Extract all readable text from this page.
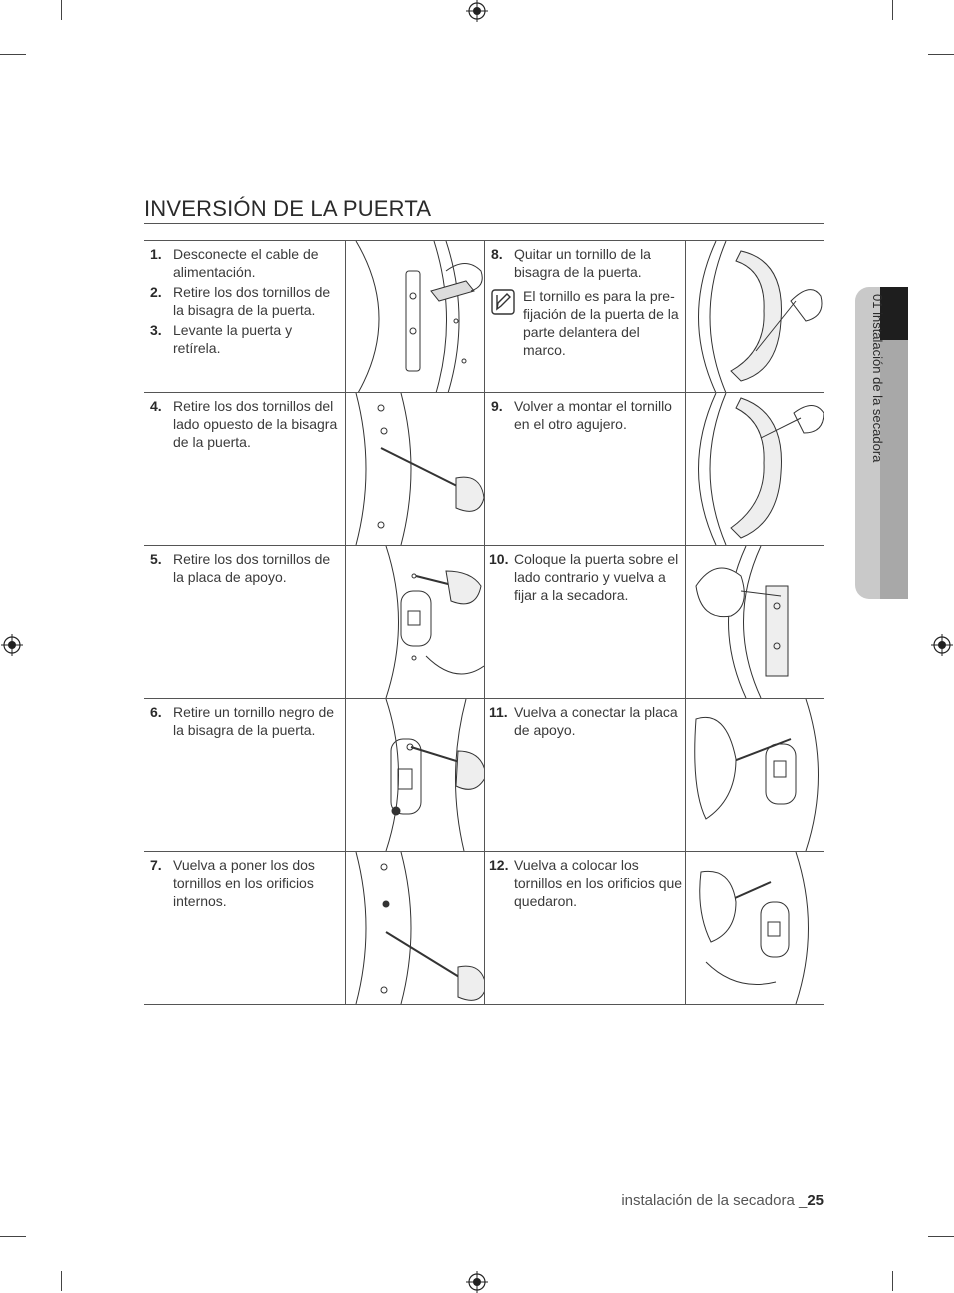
01 instalación de la secadora
INVERSIÓN DE LA PUERTA
1. Desconecte el cable de alimentación.
2. Retire los dos tornillos de la bisagra de la puerta.
3. Levante la puerta y retírela.
8. Quitar un tornillo de la bisagra de la puerta.
El tornillo es para la pre-fijación de la puerta de la parte delantera del marco.
4. Retire los dos tornillos del lado opuesto de la bisagra de la puerta.
9. Volver a montar el tornillo en el otro agujero.
5. Retire los dos tornillos de la placa de apoyo.
10. Coloque la puerta sobre el lado contrario y vuelva a fijar a la secadora.
6. Retire un tornillo negro de la bisagra de la puerta.
11. Vuelva a conectar la placa de apoyo.
7. Vuelva a poner los dos tornillos en los orificios internos.
12. Vuelva a colocar los tornillos en los orificios que quedaron.
instalación de la secadora _25
